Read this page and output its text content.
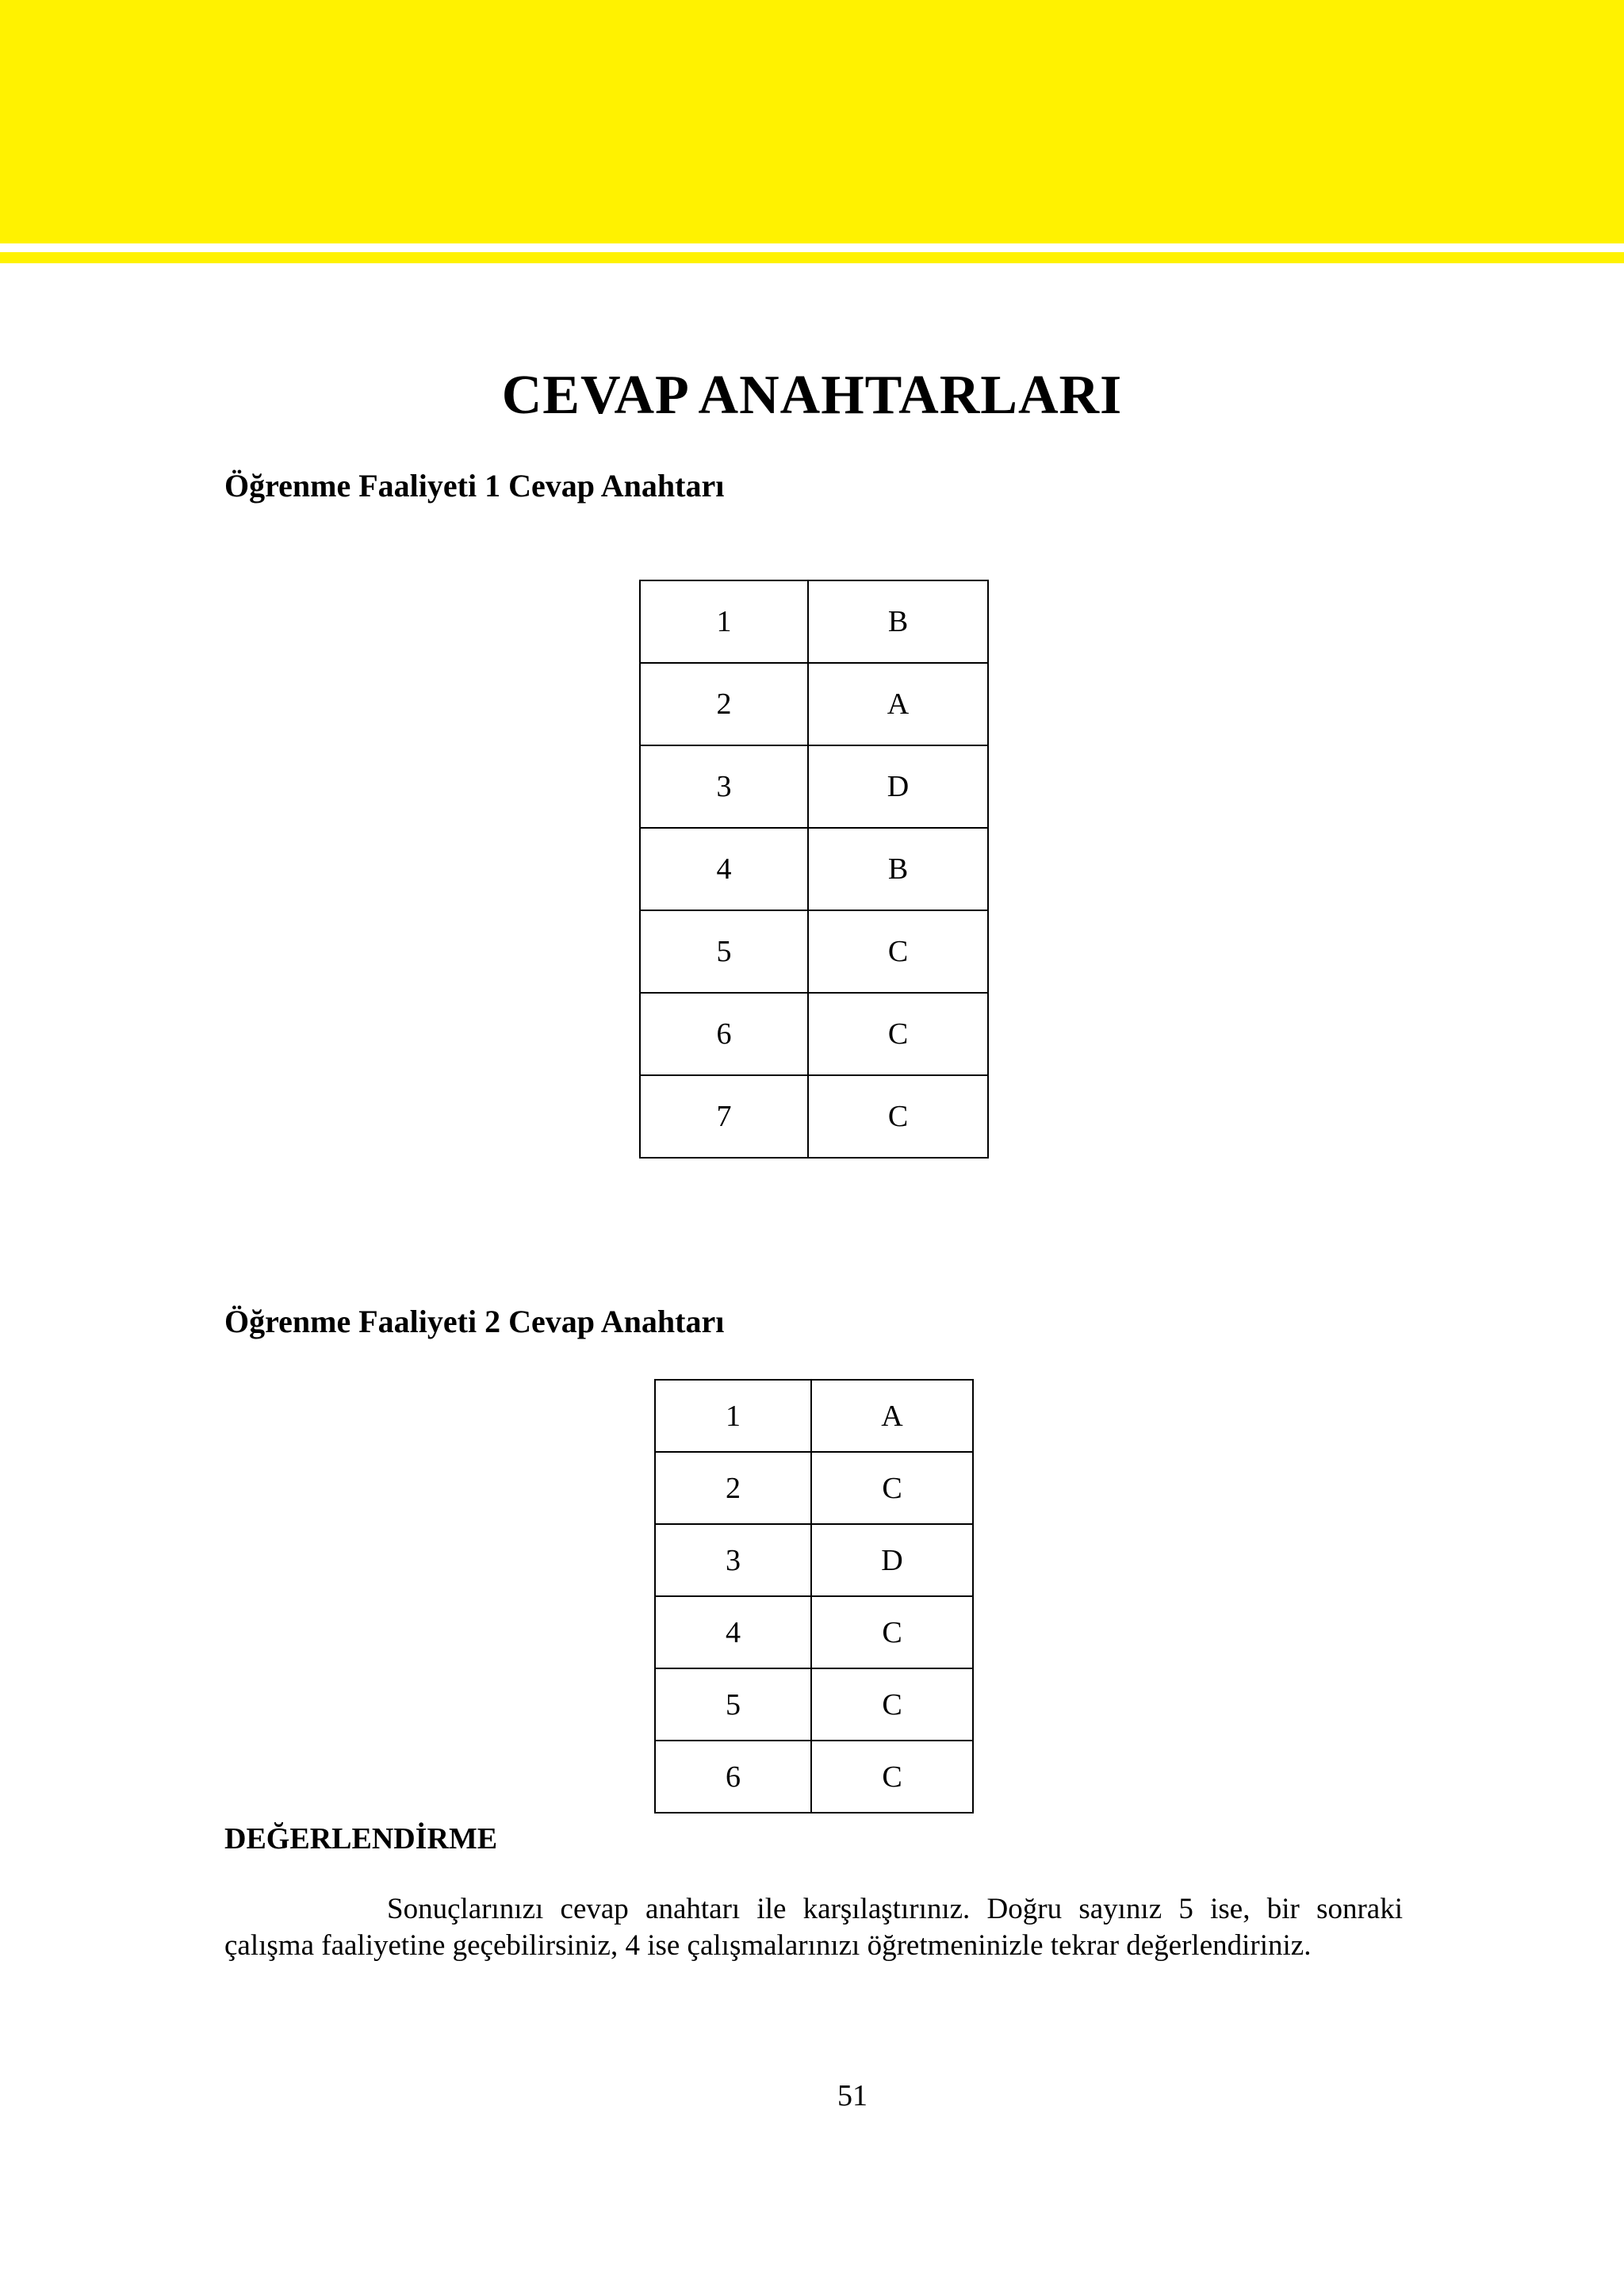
CEVAP ANAHTARLARI
Öğrenme Faaliyeti 1 Cevap Anahtarı
1	B
2	A
3	D
4	B
5	C
6	C
7	C
Öğrenme Faaliyeti 2 Cevap Anahtarı
1	A
2	C
3	D
4	C
5	C
6	C
DEĞERLENDİRME

Sonuçlarınızı cevap anahtarı ile karşılaştırınız. Doğru sayınız 5 ise, bir sonraki çalışma faaliyetine geçebilirsiniz, 4 ise çalışmalarınızı öğretmeninizle tekrar değerlendiriniz.

51
